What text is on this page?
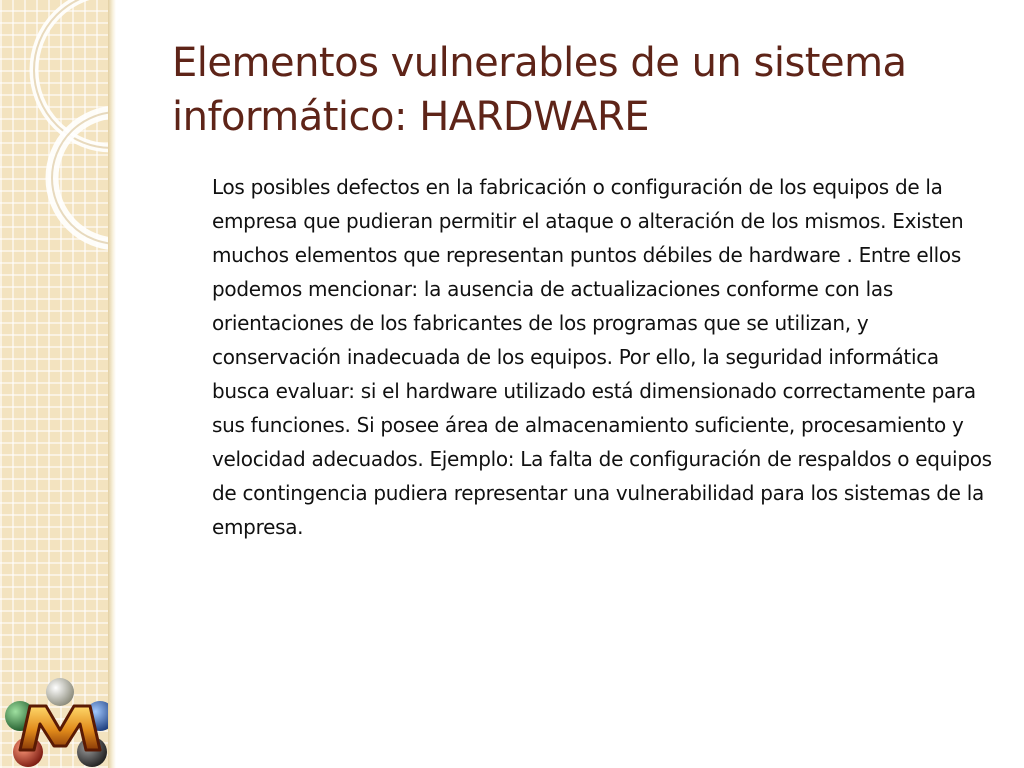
Elementos vulnerables de un sistema informático: HARDWARE

Los posibles defectos en la fabricación o configuración de los equipos de la empresa que pudieran permitir el ataque o alteración de los mismos. Existen muchos elementos que representan puntos débiles de hardware . Entre ellos podemos mencionar: la ausencia de actualizaciones conforme con las orientaciones de los fabricantes de los programas que se utilizan, y conservación inadecuada de los equipos. Por ello, la seguridad informática busca evaluar: si el hardware utilizado está dimensionado correctamente para sus funciones. Si posee área de almacenamiento suficiente, procesamiento y velocidad adecuados. Ejemplo: La falta de configuración de respaldos o equipos de contingencia pudiera representar una vulnerabilidad para los sistemas de la empresa.
